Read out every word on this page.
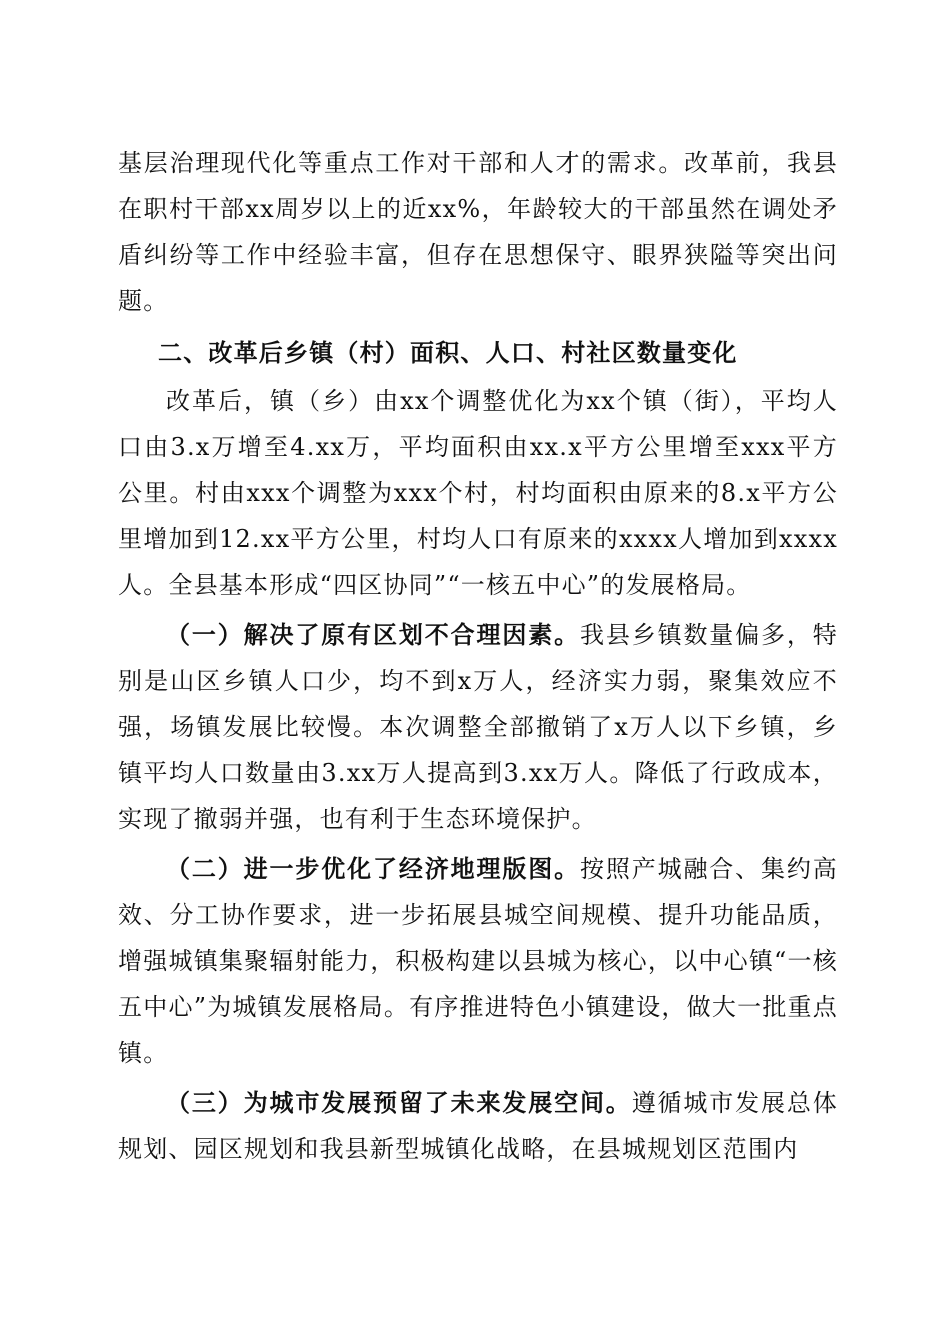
基层治理现代化等重点工作对干部和人才的需求。改革前，我县在职村干部xx周岁以上的近xx%，年龄较大的干部虽然在调处矛盾纠纷等工作中经验丰富，但存在思想保守、眼界狭隘等突出问题。

二、改革后乡镇（村）面积、人口、村社区数量变化

改革后，镇（乡）由xx个调整优化为xx个镇（街），平均人口由3.x万增至4.xx万，平均面积由xx.x平方公里增至xxx平方公里。村由xxx个调整为xxx个村，村均面积由原来的8.x平方公里增加到12.xx平方公里，村均人口有原来的xxxx人增加到xxxx人。全县基本形成“四区协同”“一核五中心”的发展格局。

（一）解决了原有区划不合理因素。我县乡镇数量偏多，特别是山区乡镇人口少，均不到x万人，经济实力弱，聚集效应不强，场镇发展比较慢。本次调整全部撤销了x万人以下乡镇，乡镇平均人口数量由3.xx万人提高到3.xx万人。降低了行政成本，实现了撤弱并强，也有利于生态环境保护。

（二）进一步优化了经济地理版图。按照产城融合、集约高效、分工协作要求，进一步拓展县城空间规模、提升功能品质，增强城镇集聚辐射能力，积极构建以县城为核心，以中心镇“一核五中心”为城镇发展格局。有序推进特色小镇建设，做大一批重点镇。

（三）为城市发展预留了未来发展空间。遵循城市发展总体规划、园区规划和我县新型城镇化战略，在县城规划区范围内
